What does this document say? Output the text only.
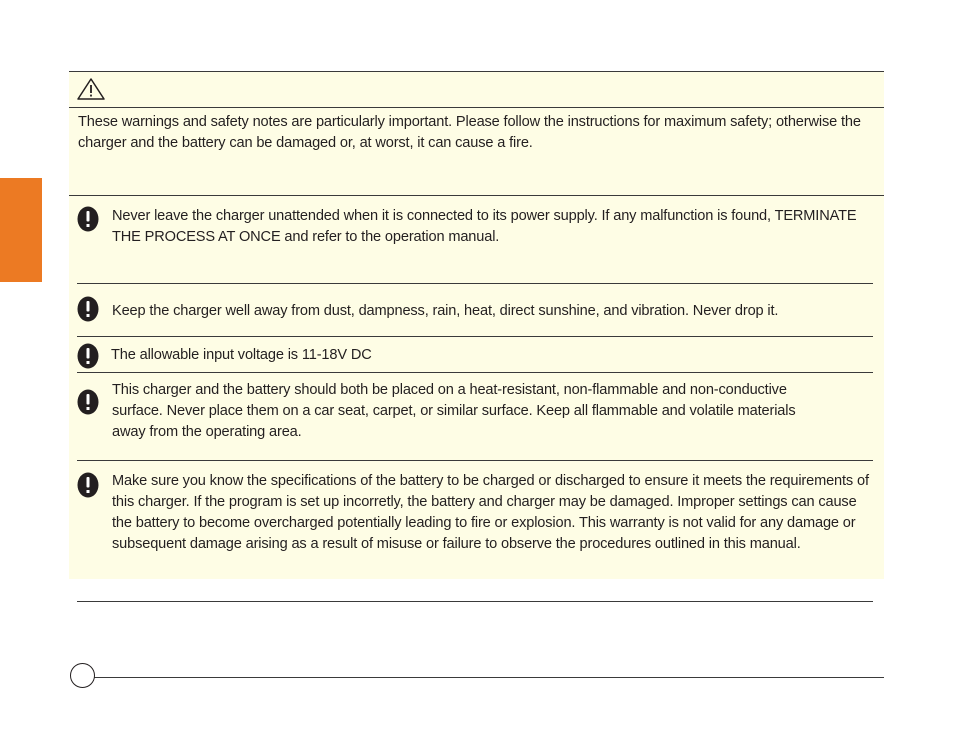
These warnings and safety notes are particularly important. Please follow the instructions for maximum safety; otherwise the charger and the battery can be damaged or, at worst, it can cause a fire.
Never leave the charger unattended when it is connected to its power supply. If any malfunction is found, TERMINATE THE PROCESS AT ONCE and refer to the operation manual.
Keep the charger well away from dust, dampness, rain, heat, direct sunshine, and vibration. Never drop it.
The allowable input voltage is 11-18V DC
This charger and the battery should both be placed on a heat-resistant, non-flammable and non-conductive surface. Never place them on a car seat, carpet, or similar surface. Keep all flammable and volatile materials away from the operating area.
Make sure you know the specifications of the battery to be charged or discharged to ensure it meets the requirements of this charger. If the program is set up incorretly, the battery and charger may be damaged. Improper settings can cause the battery to become overcharged potentially leading to fire or explosion. This warranty is not valid for any damage or subsequent damage arising as a result of misuse or failure to observe the procedures outlined in this manual.
